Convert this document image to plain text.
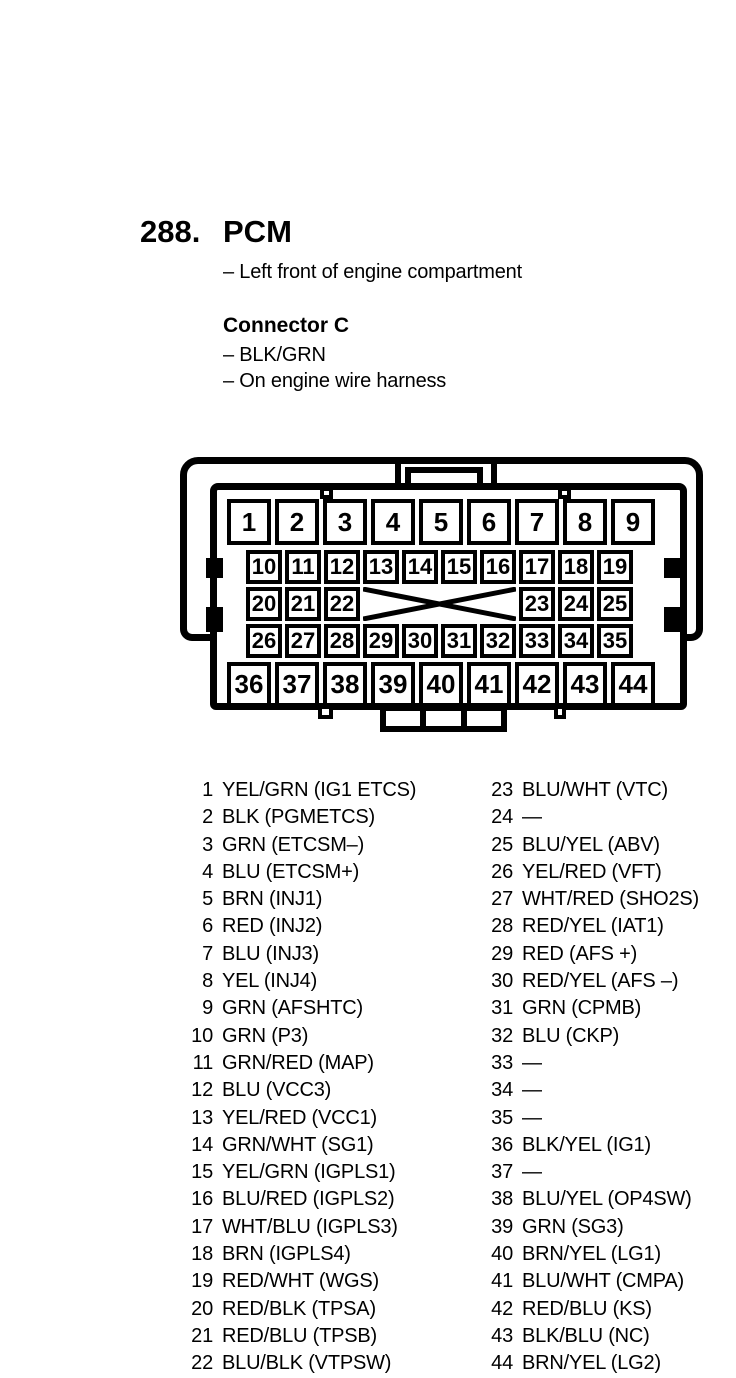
288. PCM
– Left front of engine compartment
Connector C
– BLK/GRN
– On engine wire harness
1	2	3	4	5	6	7	8	9
10 11 12 13 14 15 16 17 18 19
20 21 22	23 24 25
26 27 28 29 30 31 32 33 34 35
36 37 38 39 40 41 42 43 44
1 YEL/GRN (IG1 ETCS)
2 BLK (PGMETCS)
3 GRN (ETCSM–)
4 BLU (ETCSM+)
5 BRN (INJ1)
6 RED (INJ2)
7 BLU (INJ3)
8 YEL (INJ4)
9 GRN (AFSHTC)
10 GRN (P3)
11 GRN/RED (MAP)
12 BLU (VCC3)
13 YEL/RED (VCC1)
14 GRN/WHT (SG1)
15 YEL/GRN (IGPLS1)
16 BLU/RED (IGPLS2)
17 WHT/BLU (IGPLS3)
18 BRN (IGPLS4)
19 RED/WHT (WGS)
20 RED/BLK (TPSA)
21 RED/BLU (TPSB)
22 BLU/BLK (VTPSW)
23 BLU/WHT (VTC)
24 —
25 BLU/YEL (ABV)
26 YEL/RED (VFT)
27 WHT/RED (SHO2S)
28 RED/YEL (IAT1)
29 RED (AFS +)
30 RED/YEL (AFS –)
31 GRN (CPMB)
32 BLU (CKP)
33 —
34 —
35 —
36 BLK/YEL (IG1)
37 —
38 BLU/YEL (OP4SW)
39 GRN (SG3)
40 BRN/YEL (LG1)
41 BLU/WHT (CMPA)
42 RED/BLU (KS)
43 BLK/BLU (NC)
44 BRN/YEL (LG2)
